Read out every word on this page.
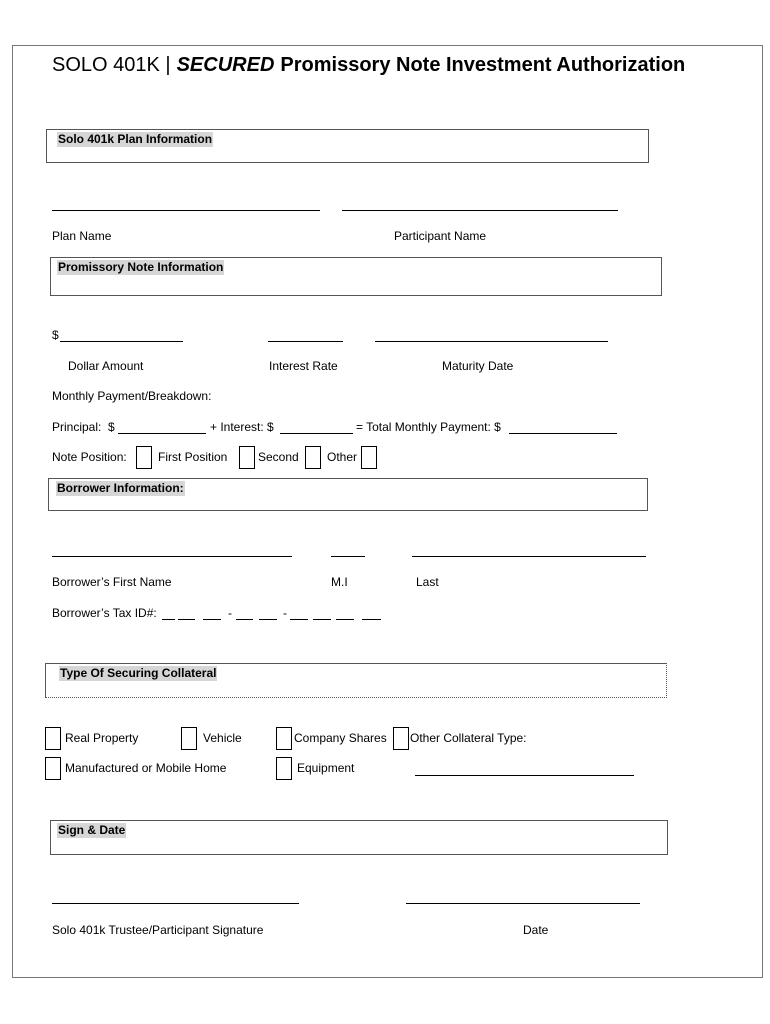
SOLO 401K | SECURED Promissory Note Investment Authorization
Solo 401k Plan Information
Plan Name	Participant Name
Promissory Note Information
$
Dollar Amount	Interest Rate	Maturity Date
Monthly Payment/Breakdown:
Principal:  $	+ Interest: $	= Total Monthly Payment: $
Note Position:	First Position	Second Other
Borrower Information:
Borrower’s First Name	M.I	Last
Borrower’s Tax ID#:	-	-
Type Of Securing Collateral
Real Property	Vehicle	Company Shares Other Collateral Type:
Manufactured or Mobile Home	Equipment
Sign & Date
Solo 401k Trustee/Participant Signature	Date
